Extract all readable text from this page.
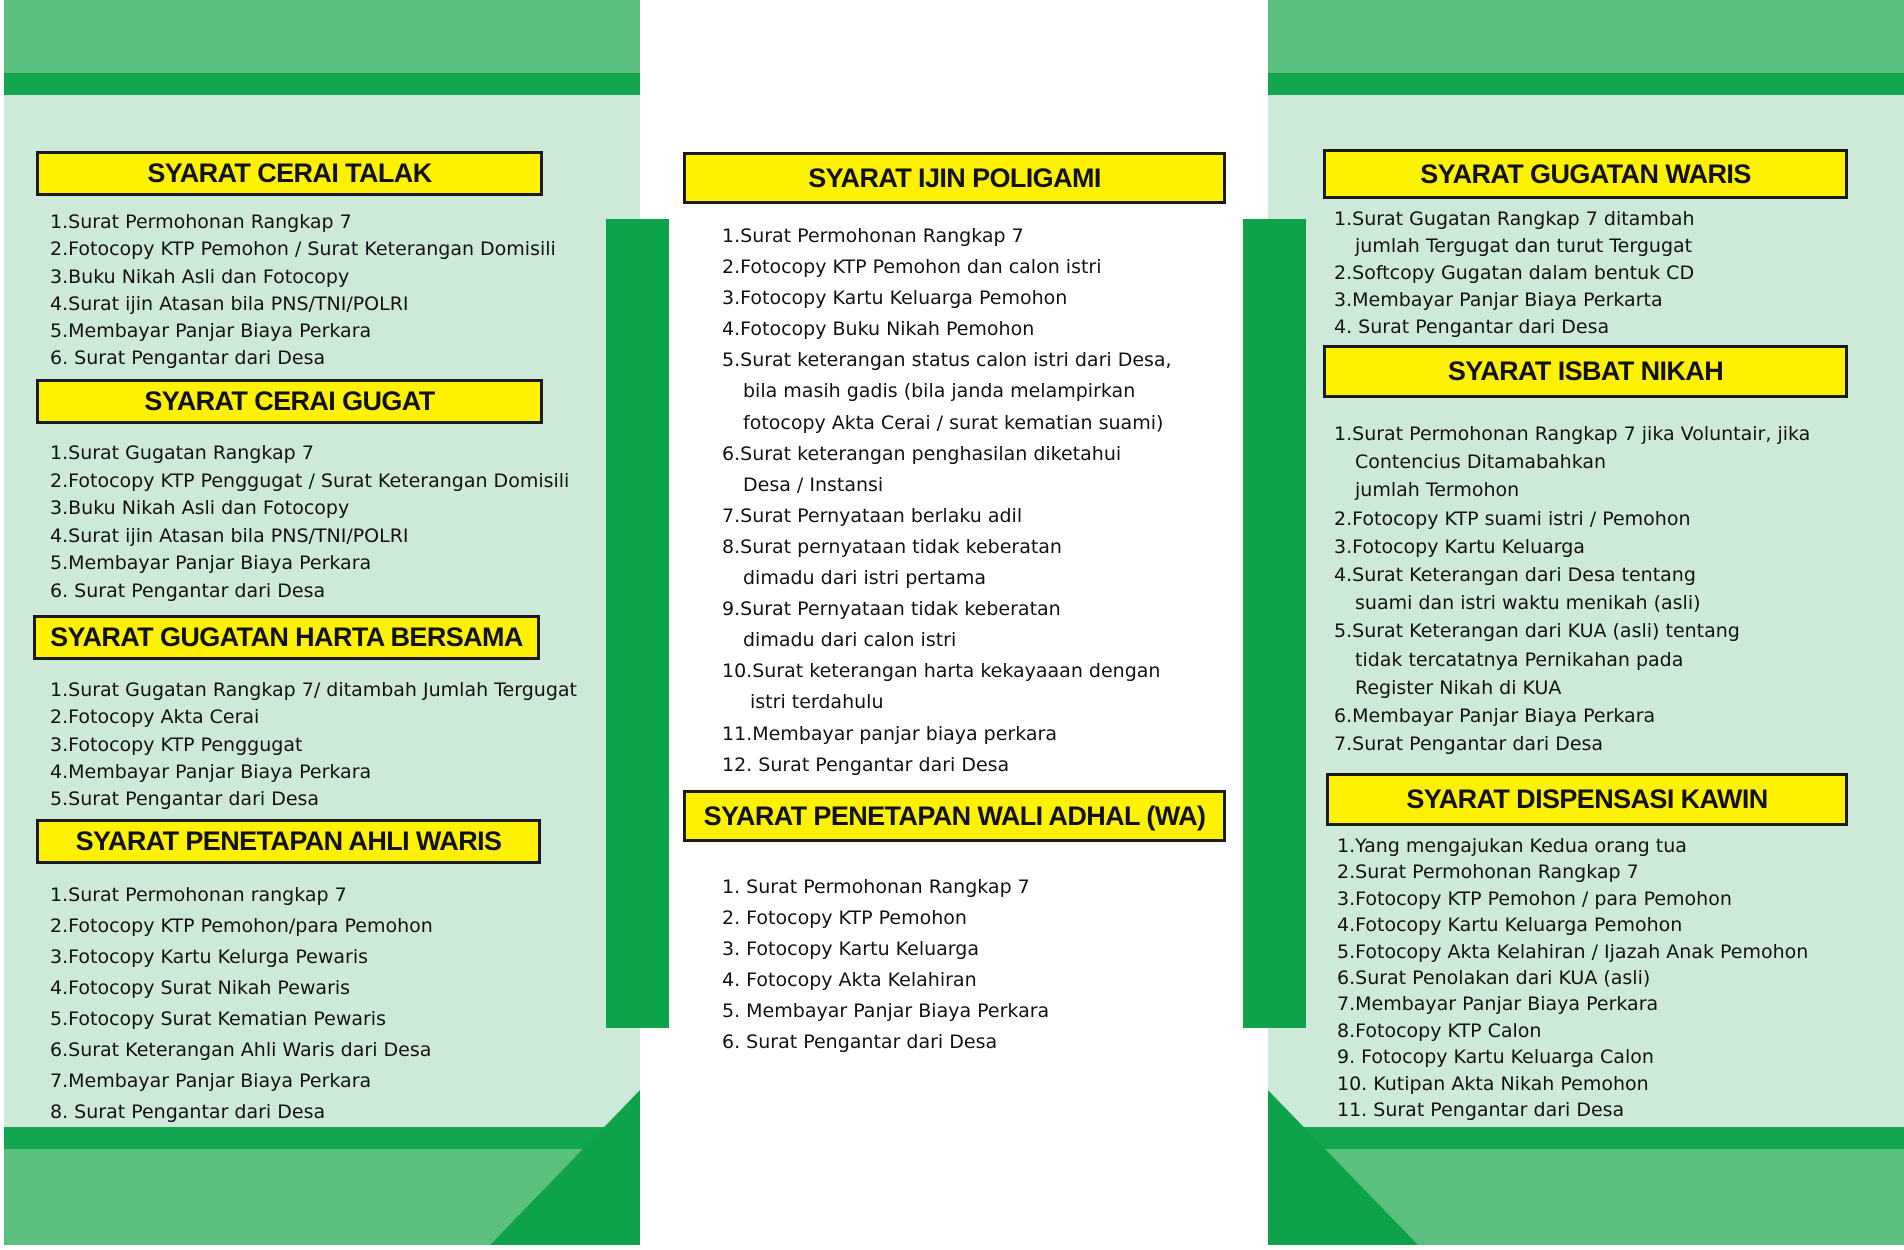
SYARAT CERAI TALAK
SYARAT CERAI GUGAT
SYARAT GUGATAN HARTA BERSAMA
SYARAT PENETAPAN AHLI WARIS
SYARAT IJIN POLIGAMI
SYARAT PENETAPAN WALI ADHAL (WA)
SYARAT GUGATAN WARIS
SYARAT ISBAT NIKAH
SYARAT DISPENSASI KAWIN
1.Surat Permohonan Rangkap 7
2.Fotocopy KTP Pemohon / Surat Keterangan Domisili
3.Buku Nikah Asli dan Fotocopy
4.Surat ijin Atasan bila PNS/TNI/POLRI
5.Membayar Panjar Biaya Perkara
6. Surat Pengantar dari Desa
1.Surat Gugatan Rangkap 7
2.Fotocopy KTP Penggugat / Surat Keterangan Domisili
3.Buku Nikah Asli dan Fotocopy
4.Surat ijin Atasan bila PNS/TNI/POLRI
5.Membayar Panjar Biaya Perkara
6. Surat Pengantar dari Desa
1.Surat Gugatan Rangkap 7/ ditambah Jumlah Tergugat
2.Fotocopy Akta Cerai
3.Fotocopy KTP Penggugat
4.Membayar Panjar Biaya Perkara
5.Surat Pengantar dari Desa
1.Surat Permohonan rangkap 7
2.Fotocopy KTP Pemohon/para Pemohon
3.Fotocopy Kartu Kelurga Pewaris
4.Fotocopy Surat Nikah Pewaris
5.Fotocopy Surat Kematian Pewaris
6.Surat Keterangan Ahli Waris dari Desa
7.Membayar Panjar Biaya Perkara
8. Surat Pengantar dari Desa
1.Surat Permohonan Rangkap 7
2.Fotocopy KTP Pemohon dan calon istri
3.Fotocopy Kartu Keluarga Pemohon
4.Fotocopy Buku Nikah Pemohon
5.Surat keterangan status calon istri dari Desa,
bila masih gadis (bila janda melampirkan
fotocopy Akta Cerai / surat kematian suami)
6.Surat keterangan penghasilan diketahui
Desa / Instansi
7.Surat Pernyataan berlaku adil
8.Surat pernyataan tidak keberatan
dimadu dari istri pertama
9.Surat Pernyataan tidak keberatan
dimadu dari calon istri
10.Surat keterangan harta kekayaaan dengan
istri terdahulu
11.Membayar panjar biaya perkara
12. Surat Pengantar dari Desa
1. Surat Permohonan Rangkap 7
2. Fotocopy KTP Pemohon
3. Fotocopy Kartu Keluarga
4. Fotocopy Akta Kelahiran
5. Membayar Panjar Biaya Perkara
6. Surat Pengantar dari Desa
1.Surat Gugatan Rangkap 7 ditambah
jumlah Tergugat dan turut Tergugat
2.Softcopy Gugatan dalam bentuk CD
3.Membayar Panjar Biaya Perkarta
4. Surat Pengantar dari Desa
1.Surat Permohonan Rangkap 7 jika Voluntair, jika
Contencius Ditamabahkan
jumlah Termohon
2.Fotocopy KTP suami istri / Pemohon
3.Fotocopy Kartu Keluarga
4.Surat Keterangan dari Desa tentang
suami dan istri waktu menikah (asli)
5.Surat Keterangan dari KUA (asli) tentang
tidak tercatatnya Pernikahan pada
Register Nikah di KUA
6.Membayar Panjar Biaya Perkara
7.Surat Pengantar dari Desa
1.Yang mengajukan Kedua orang tua
2.Surat Permohonan Rangkap 7
3.Fotocopy KTP Pemohon / para Pemohon
4.Fotocopy Kartu Keluarga Pemohon
5.Fotocopy Akta Kelahiran / Ijazah Anak Pemohon
6.Surat Penolakan dari KUA (asli)
7.Membayar Panjar Biaya Perkara
8.Fotocopy KTP Calon
9. Fotocopy Kartu Keluarga Calon
10. Kutipan Akta Nikah Pemohon
11. Surat Pengantar dari Desa
